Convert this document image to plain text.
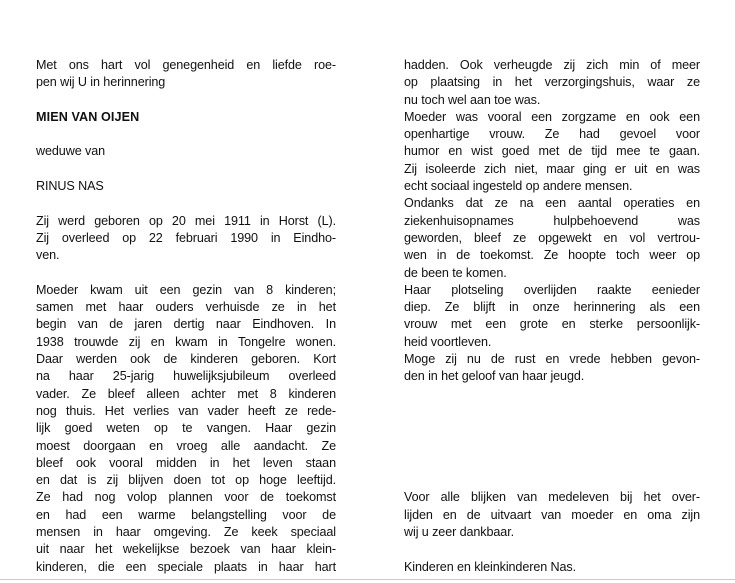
Met ons hart vol genegenheid en liefde roe-
pen wij U in herinnering
MIEN VAN OIJEN
weduwe van
RINUS NAS
Zij werd geboren op 20 mei 1911 in Horst (L).
Zij overleed op 22 februari 1990 in Eindho-
ven.
Moeder kwam uit een gezin van 8 kinderen;
samen met haar ouders verhuisde ze in het
begin van de jaren dertig naar Eindhoven. In
1938 trouwde zij en kwam in Tongelre wonen.
Daar werden ook de kinderen geboren. Kort
na haar 25-jarig huwelijksjubileum overleed
vader. Ze bleef alleen achter met 8 kinderen
nog thuis. Het verlies van vader heeft ze rede-
lijk goed weten op te vangen. Haar gezin
moest doorgaan en vroeg alle aandacht. Ze
bleef ook vooral midden in het leven staan
en dat is zij blijven doen tot op hoge leeftijd.
Ze had nog volop plannen voor de toekomst
en had een warme belangstelling voor de
mensen in haar omgeving. Ze keek speciaal
uit naar het wekelijkse bezoek van haar klein-
kinderen, die een speciale plaats in haar hart
hadden. Ook verheugde zij zich min of meer
op plaatsing in het verzorgingshuis, waar ze
nu toch wel aan toe was.
Moeder was vooral een zorgzame en ook een
openhartige vrouw. Ze had gevoel voor
humor en wist goed met de tijd mee te gaan.
Zij isoleerde zich niet, maar ging er uit en was
echt sociaal ingesteld op andere mensen.
Ondanks dat ze na een aantal operaties en
ziekenhuisopnames hulpbehoevend was
geworden, bleef ze opgewekt en vol vertrou-
wen in de toekomst. Ze hoopte toch weer op
de been te komen.
Haar plotseling overlijden raakte eenieder
diep. Ze blijft in onze herinnering als een
vrouw met een grote en sterke persoonlijk-
heid voortleven.
Moge zij nu de rust en vrede hebben gevon-
den in het geloof van haar jeugd.
Voor alle blijken van medeleven bij het over-
lijden en de uitvaart van moeder en oma zijn
wij u zeer dankbaar.
Kinderen en kleinkinderen Nas.
